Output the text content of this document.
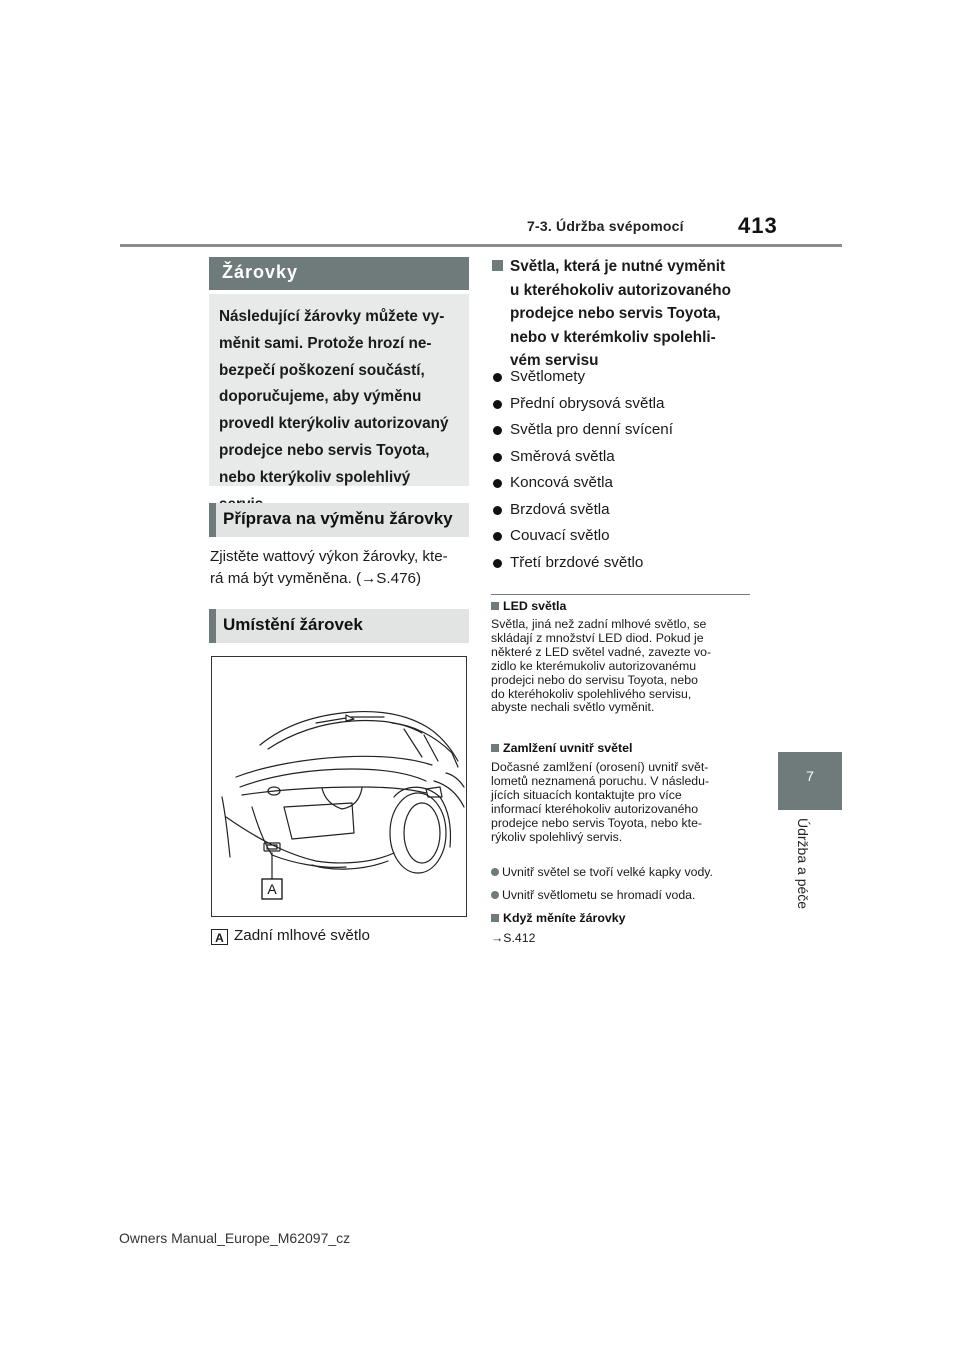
7-3. Údržba svépomocí 413
7
Údržba a péče
Žárovky
Následující žárovky můžete vy-
měnit sami. Protože hrozí ne-
bezpečí poškození součástí,
doporučujeme, aby výměnu
provedl kterýkoliv autorizovaný
prodejce nebo servis Toyota,
nebo kterýkoliv spolehlivý
Příprava na výměnu žárovky
Zjistěte wattový výkon žárovky, kte-
rá má být vyměněna. (→S.476)
Umístění žárovek
A
A Zadní mlhové světlo
Světla, která je nutné vyměnit
u kteréhokoliv autorizovaného
prodejce nebo servis Toyota,
nebo v kterémkoliv spolehli-
vém servisu
Světlomety
Přední obrysová světla
Světla pro denní svícení
Směrová světla
Koncová světla
Brzdová světla
Couvací světlo
Třetí brzdové světlo
LED světla
Světla, jiná než zadní mlhové světlo, se
skládají z množství LED diod. Pokud je
některé z LED světel vadné, zavezte vo-
zidlo ke kterémukoliv autorizovanému
prodejci nebo do servisu Toyota, nebo
do kteréhokoliv spolehlivého servisu,
abyste nechali světlo vyměnit.
Zamlžení uvnitř světel
Dočasné zamlžení (orosení) uvnitř svět-
lometů neznamená poruchu. V následu-
jících situacích kontaktujte pro více
informací kteréhokoliv autorizovaného
prodejce nebo servis Toyota, nebo kte-
rýkoliv spolehlivý servis.
Uvnitř světel se tvoří velké kapky vody.
Uvnitř světlometu se hromadí voda.
Když měníte žárovky
→S.412
Owners Manual_Europe_M62097_cz
